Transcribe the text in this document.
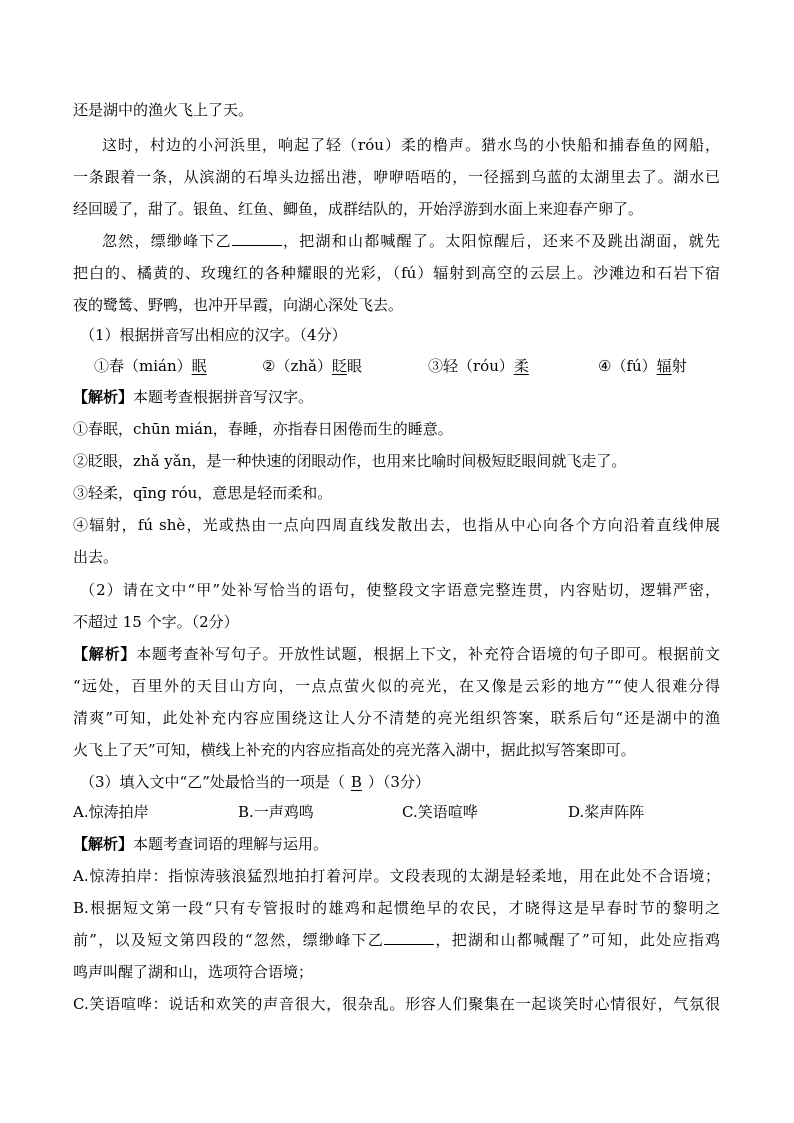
还是湖中的渔火飞上了天。
这时，村边的小河浜里，响起了轻（róu）柔的橹声。猎水鸟的小快船和捕春鱼的网船，
一条跟着一条，从滨湖的石埠头边摇出港，咿咿唔唔的，一径摇到乌蓝的太湖里去了。湖水已
经回暖了，甜了。银鱼、红鱼、鲫鱼，成群结队的，开始浮游到水面上来迎春产卵了。
忽然，缥缈峰下乙	，把湖和山都喊醒了。太阳惊醒后，还来不及跳出湖面，就先
把白的、橘黄的、玫瑰红的各种耀眼的光彩，（fú）辐射到高空的云层上。沙滩边和石岩下宿
夜的鹭鸶、野鸭，也冲开早霞，向湖心深处飞去。
（1）根据拼音写出相应的汉字。（4分）
①春（mián）眠	②（zhǎ）眨眼	③轻（róu）柔	④（fú）辐射
【解析】本题考查根据拼音写汉字。
①春眠，chūn mián，春睡，亦指春日困倦而生的睡意。
②眨眼，zhǎ yǎn，是一种快速的闭眼动作，也用来比喻时间极短眨眼间就飞走了。
③轻柔，qīng róu，意思是轻而柔和。
④辐射，fú shè，光或热由一点向四周直线发散出去，也指从中心向各个方向沿着直线伸展
出去。
（2）请在文中“甲”处补写恰当的语句，使整段文字语意完整连贯，内容贴切，逻辑严密，
不超过 15 个字。（2分）
【解析】本题考查补写句子。开放性试题，根据上下文，补充符合语境的句子即可。根据前文
“远处，百里外的天目山方向，一点点萤火似的亮光，在又像是云彩的地方”“使人很难分得
清爽”可知，此处补充内容应围绕这让人分不清楚的亮光组织答案，联系后句“还是湖中的渔
火飞上了天”可知，横线上补充的内容应指高处的亮光落入湖中，据此拟写答案即可。
（3）填入文中“乙”处最恰当的一项是（ B ）（3分）
A.惊涛拍岸	B.一声鸡鸣	C.笑语喧哗	D.桨声阵阵
【解析】本题考查词语的理解与运用。
A.惊涛拍岸：指惊涛骇浪猛烈地拍打着河岸。文段表现的太湖是轻柔地，用在此处不合语境；
B.根据短文第一段“只有专管报时的雄鸡和起惯绝早的农民，才晓得这是早春时节的黎明之
前”，以及短文第四段的“忽然，缥缈峰下乙	，把湖和山都喊醒了”可知，此处应指鸡
鸣声叫醒了湖和山，选项符合语境；
C.笑语喧哗：说话和欢笑的声音很大，很杂乱。形容人们聚集在一起谈笑时心情很好，气氛很
